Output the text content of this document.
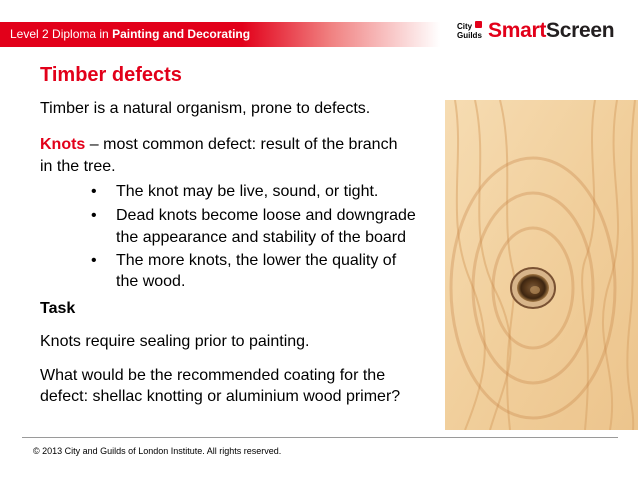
Level 2 Diploma in Painting and Decorating
City
Guilds SmartScreen
Timber defects
Timber is a natural organism, prone to defects.
Knots – most common defect: result of the branch
in the tree.
• The knot may be live, sound, or tight.
• Dead knots become loose and downgrade
the appearance and stability of the board
• The more knots, the lower the quality of
the wood.
Task
Knots require sealing prior to painting.
What would be the recommended coating for the
defect: shellac knotting or aluminium wood primer?
© 2013 City and Guilds of London Institute. All rights reserved.
